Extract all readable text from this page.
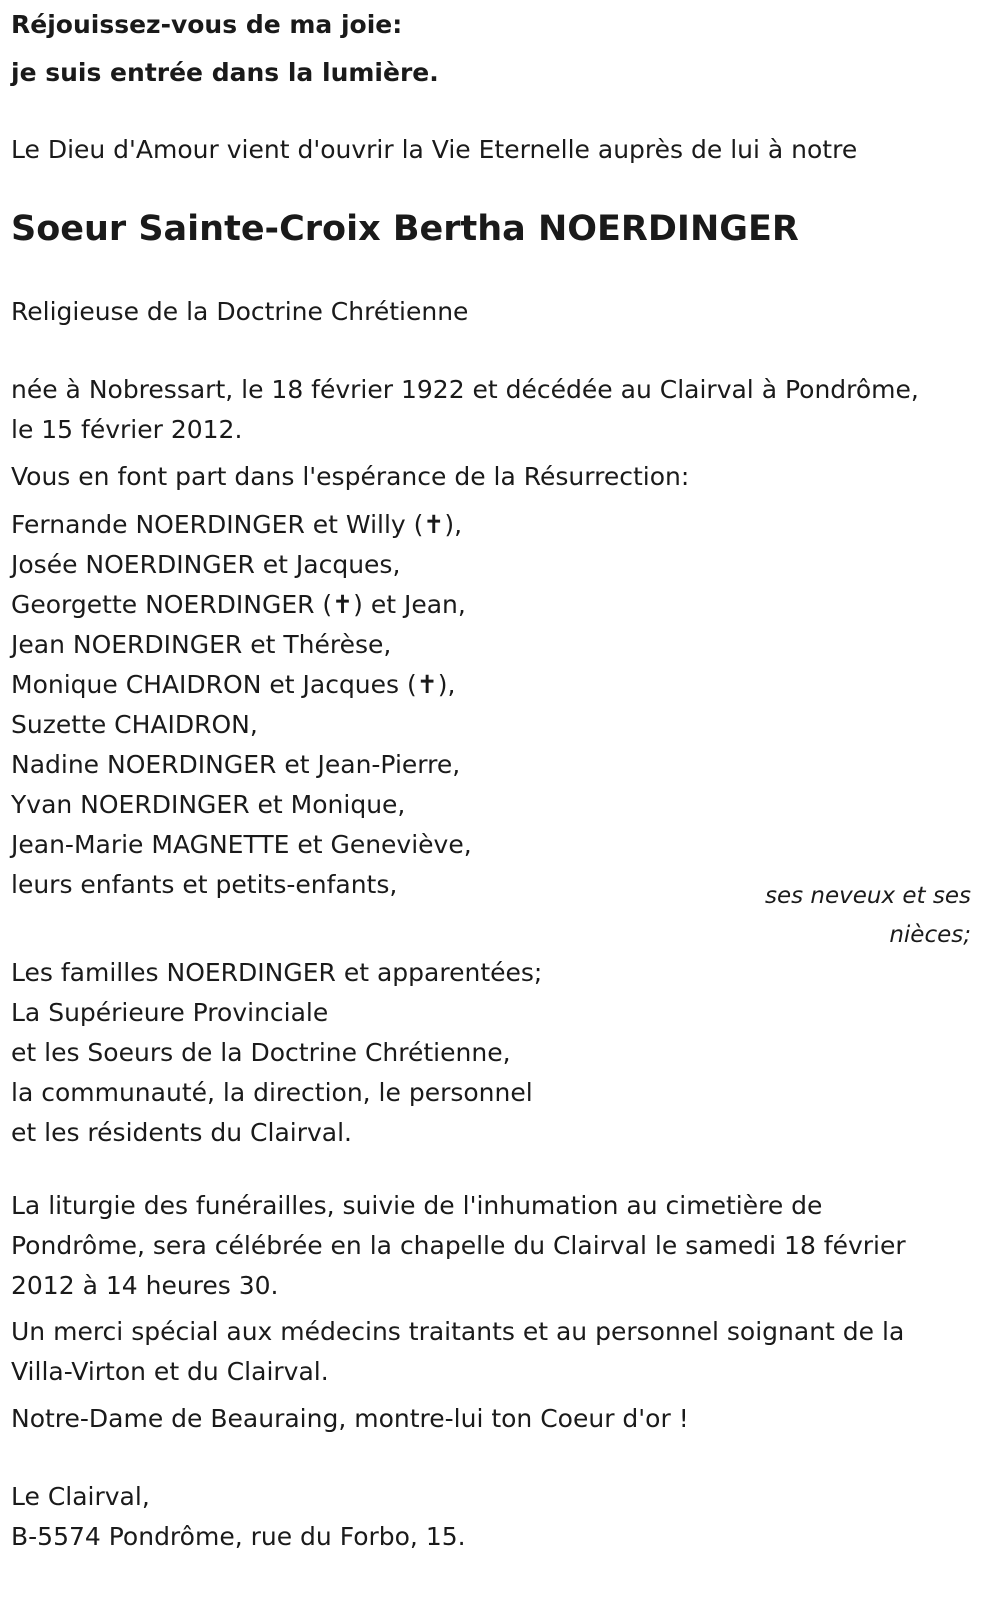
Réjouissez-vous de ma joie:
je suis entrée dans la lumière.
Le Dieu d'Amour vient d'ouvrir la Vie Eternelle auprès de lui à notre
Soeur Sainte-Croix Bertha NOERDINGER
Religieuse de la Doctrine Chrétienne
née à Nobressart, le 18 février 1922 et décédée au Clairval à Pondrôme,
le 15 février 2012.
Vous en font part dans l'espérance de la Résurrection:
Fernande NOERDINGER et Willy (✝),
Josée NOERDINGER et Jacques,
Georgette NOERDINGER (✝) et Jean,
Jean NOERDINGER et Thérèse,
Monique CHAIDRON et Jacques (✝),
Suzette CHAIDRON,
Nadine NOERDINGER et Jean-Pierre,
Yvan NOERDINGER et Monique,
Jean-Marie MAGNETTE et Geneviève,
leurs enfants et petits-enfants,	ses neveux et ses
nièces;
Les familles NOERDINGER et apparentées;
La Supérieure Provinciale
et les Soeurs de la Doctrine Chrétienne,
la communauté, la direction, le personnel
et les résidents du Clairval.
La liturgie des funérailles, suivie de l'inhumation au cimetière de
Pondrôme, sera célébrée en la chapelle du Clairval le samedi 18 février
2012 à 14 heures 30.
Un merci spécial aux médecins traitants et au personnel soignant de la
Villa-Virton et du Clairval.
Notre-Dame de Beauraing, montre-lui ton Coeur d'or !
Le Clairval,
B-5574 Pondrôme, rue du Forbo, 15.
